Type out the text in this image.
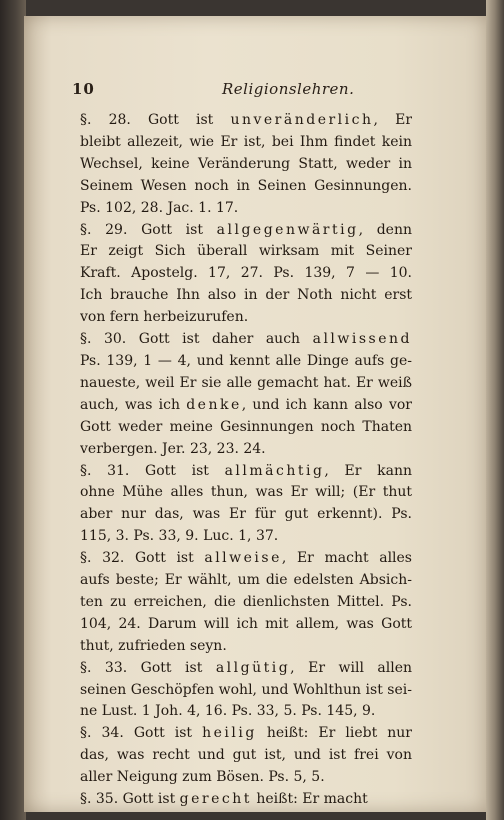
10	Religionslehren.
§. 28. Gott ist unveränderlich, Er
bleibt allezeit, wie Er ist, bei Ihm findet kein
Wechsel, keine Veränderung Statt, weder in
Seinem Wesen noch in Seinen Gesinnungen.
Ps. 102, 28. Jac. 1. 17.
§. 29. Gott ist allgegenwärtig, denn
Er zeigt Sich überall wirksam mit Seiner
Kraft. Apostelg. 17, 27. Ps. 139, 7 — 10.
Ich brauche Ihn also in der Noth nicht erst
von fern herbeizurufen.
§. 30. Gott ist daher auch allwissend
Ps. 139, 1 — 4, und kennt alle Dinge aufs ge-
naueste, weil Er sie alle gemacht hat. Er weiß
auch, was ich denke, und ich kann also vor
Gott weder meine Gesinnungen noch Thaten
verbergen. Jer. 23, 23. 24.
§. 31. Gott ist allmächtig, Er kann
ohne Mühe alles thun, was Er will; (Er thut
aber nur das, was Er für gut erkennt). Ps.
115, 3. Ps. 33, 9. Luc. 1, 37.
§. 32. Gott ist allweise, Er macht alles
aufs beste; Er wählt, um die edelsten Absich-
ten zu erreichen, die dienlichsten Mittel. Ps.
104, 24. Darum will ich mit allem, was Gott
thut, zufrieden seyn.
§. 33. Gott ist allgütig, Er will allen
seinen Geschöpfen wohl, und Wohlthun ist sei-
ne Lust. 1 Joh. 4, 16. Ps. 33, 5. Ps. 145, 9.
§. 34. Gott ist heilig heißt: Er liebt nur
das, was recht und gut ist, und ist frei von
aller Neigung zum Bösen. Ps. 5, 5.
§. 35. Gott ist gerecht heißt: Er macht
